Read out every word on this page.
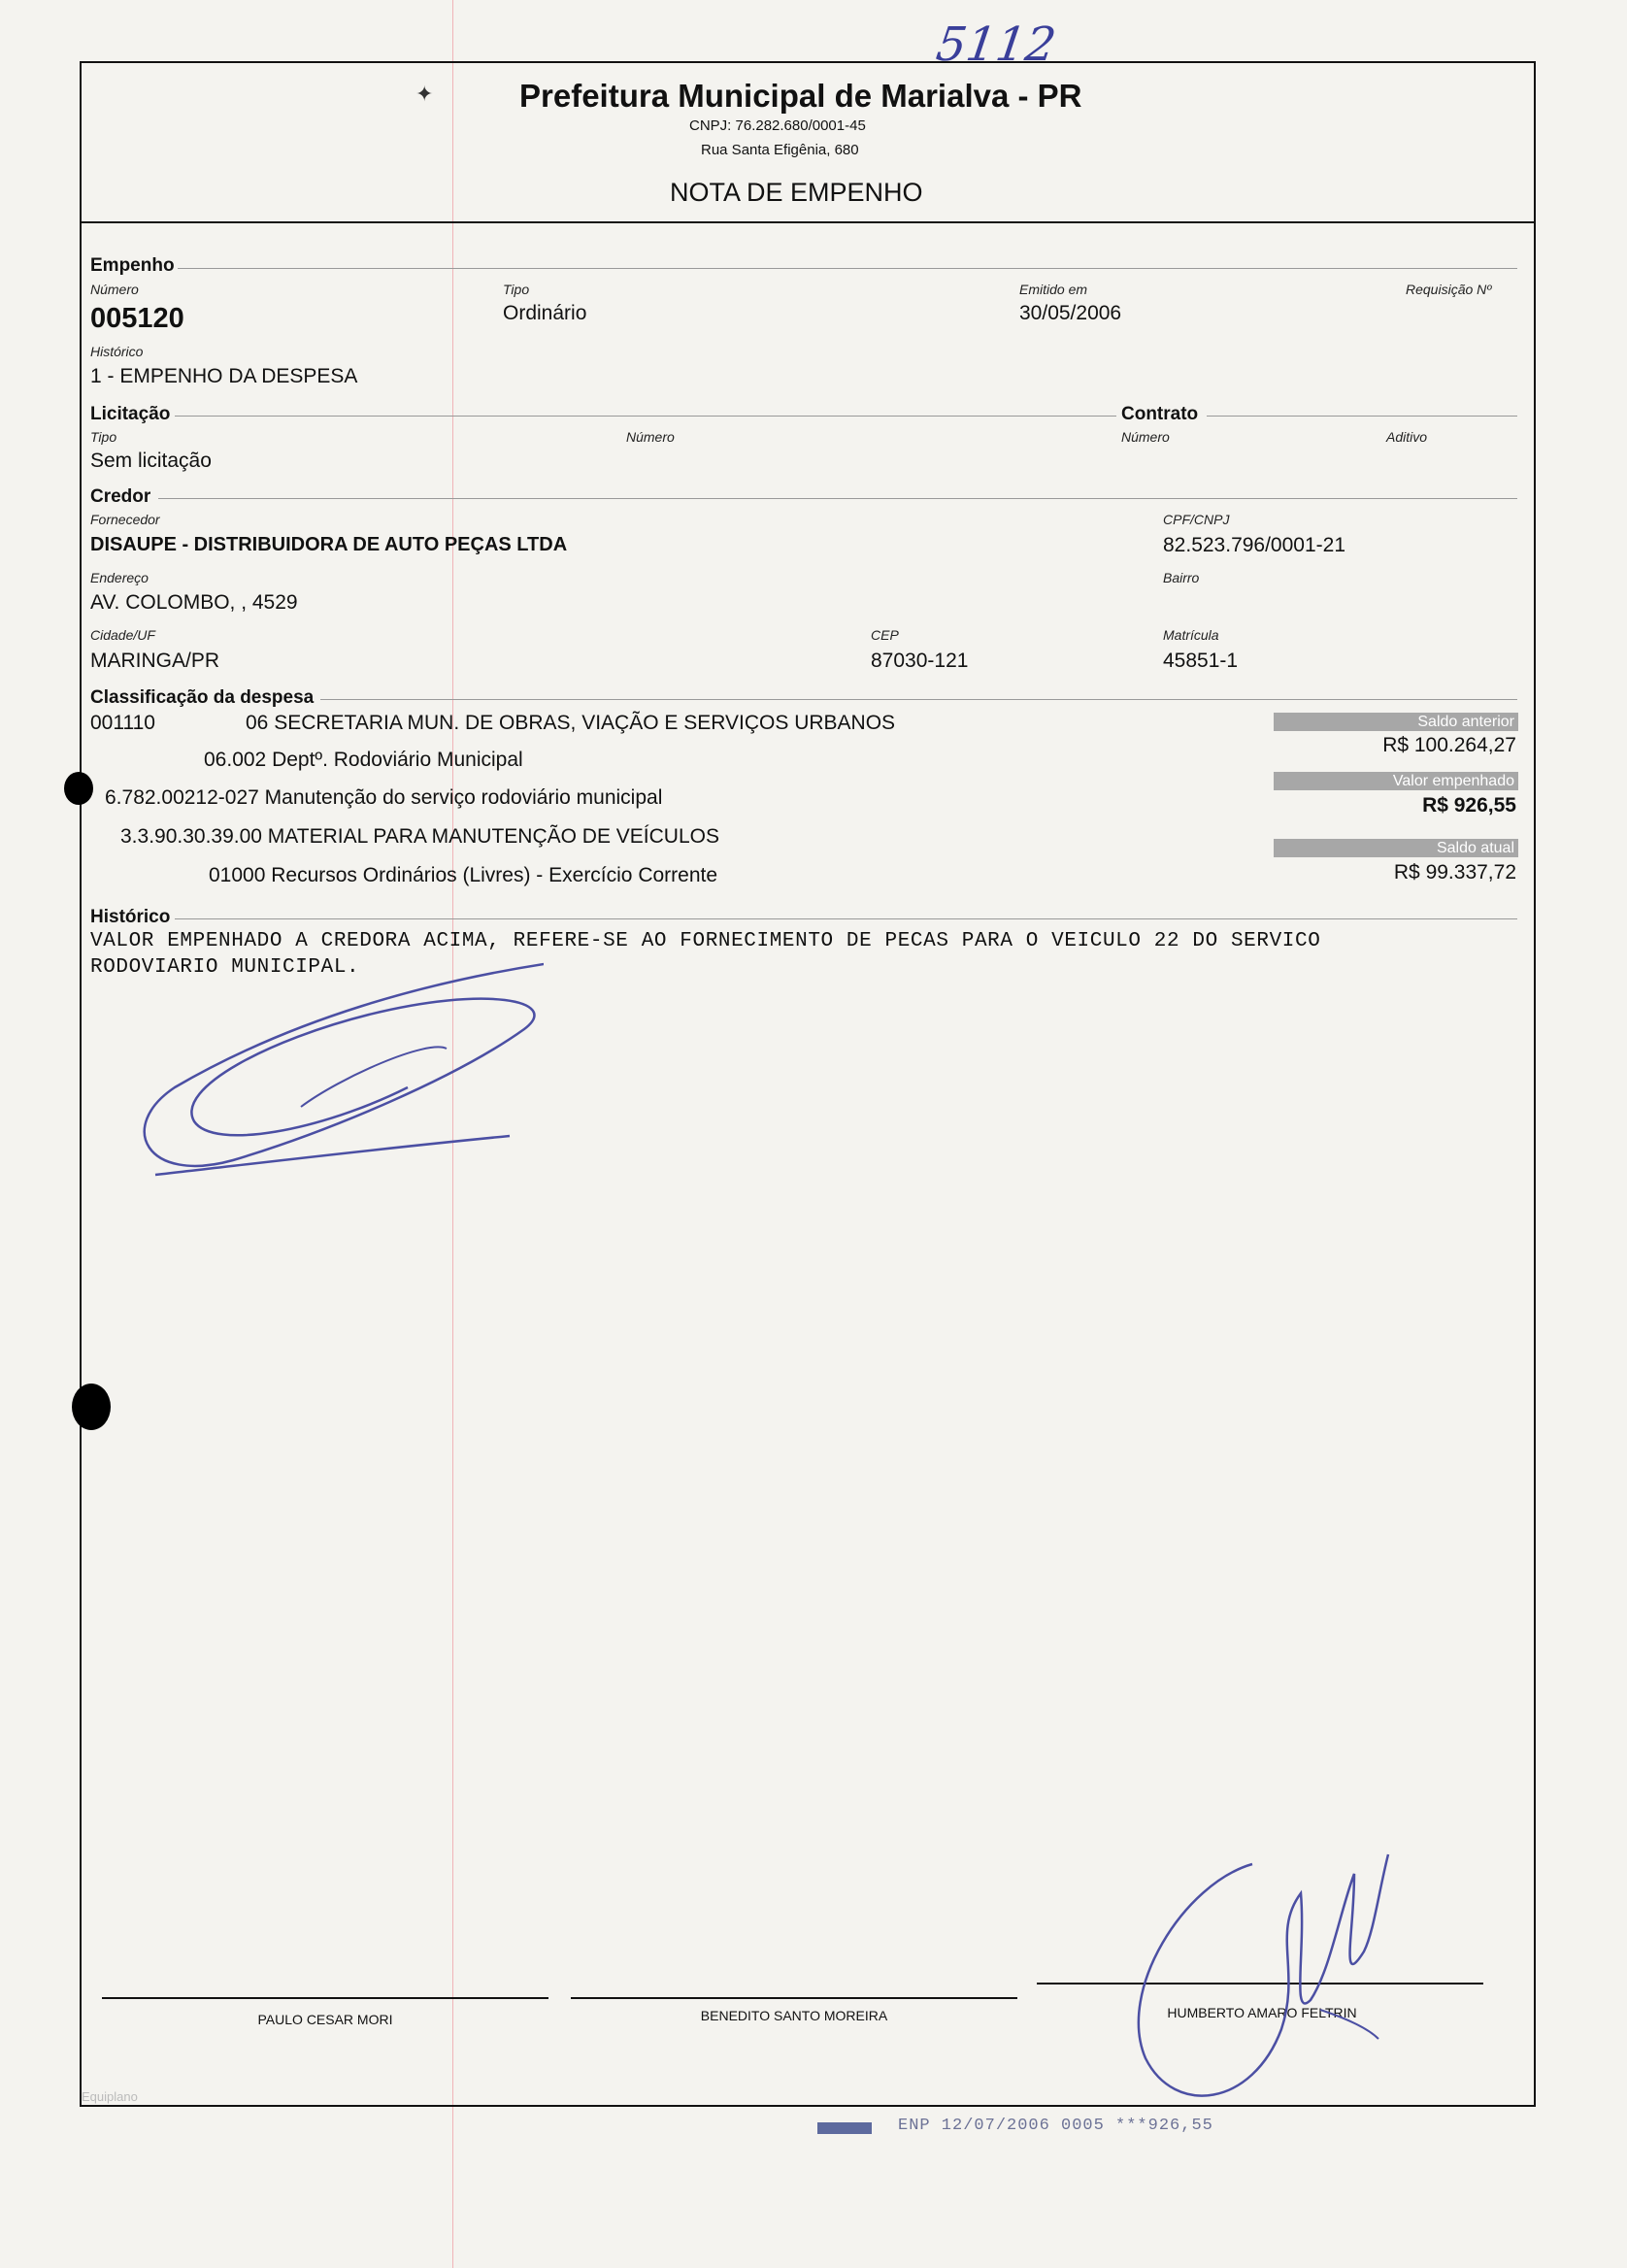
5112
Prefeitura Municipal de Marialva - PR
✦
CNPJ: 76.282.680/0001-45
Rua Santa Efigênia, 680
NOTA DE EMPENHO
Empenho
Número
005120
Tipo
Ordinário
Emitido em
30/05/2006
Requisição Nº
Histórico
1 - EMPENHO DA DESPESA
Licitação	Contrato
Tipo
Sem licitação
Número	Número	Aditivo
Credor
Fornecedor
DISAUPE - DISTRIBUIDORA DE AUTO PEÇAS LTDA
CPF/CNPJ
82.523.796/0001-21
Endereço
AV. COLOMBO, , 4529
Bairro
Cidade/UF
MARINGA/PR
CEP
87030-121
Matrícula
45851-1
Classificação da despesa
001110	06 SECRETARIA MUN. DE OBRAS, VIAÇÃO E SERVIÇOS URBANOS
06.002 Deptº. Rodoviário Municipal
6.782.00212-027 Manutenção do serviço rodoviário municipal
3.3.90.30.39.00 MATERIAL PARA MANUTENÇÃO DE VEÍCULOS
01000 Recursos Ordinários (Livres) - Exercício Corrente
Saldo anterior
R$ 100.264,27
Valor empenhado
R$ 926,55
Saldo atual
R$ 99.337,72
Histórico
VALOR EMPENHADO A CREDORA ACIMA, REFERE-SE AO FORNECIMENTO DE PECAS PARA O VEICULO 22 DO SERVICO
RODOVIARIO MUNICIPAL.
PAULO CESAR MORI	BENEDITO SANTO MOREIRA	HUMBERTO AMARO FELTRIN
Equiplano
ENP 12/07/2006 0005 ***926,55
